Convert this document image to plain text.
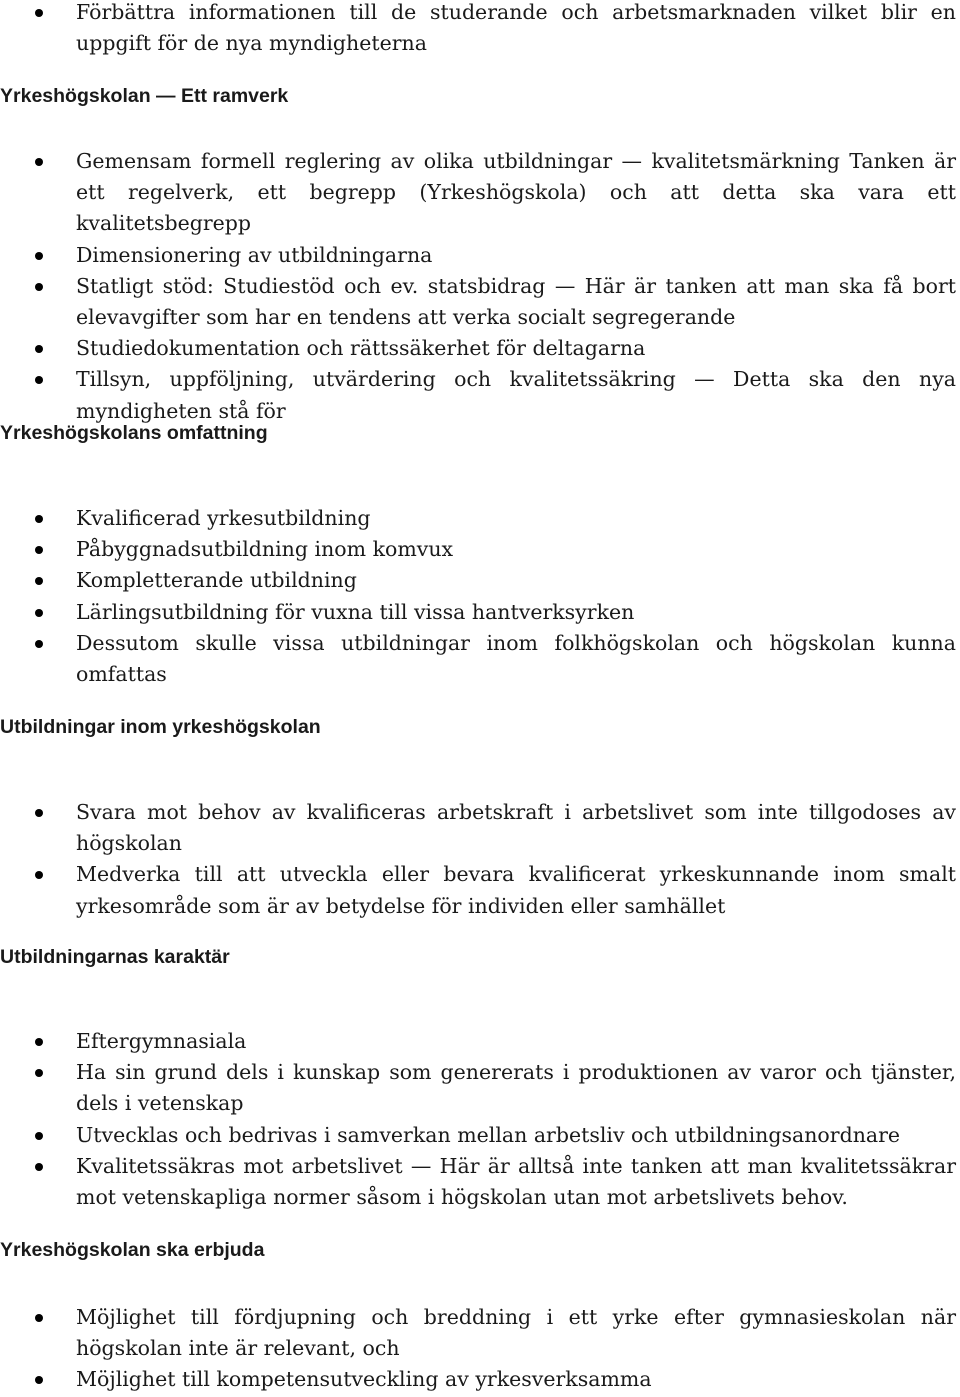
Förbättra informationen till de studerande och arbetsmarknaden vilket blir en uppgift för de nya myndigheterna
Yrkeshögskolan — Ett ramverk
Gemensam formell reglering av olika utbildningar — kvalitetsmärkning Tanken är ett regelverk, ett begrepp (Yrkeshögskola) och att detta ska vara ett kvalitetsbegrepp
Dimensionering av utbildningarna
Statligt stöd: Studiestöd och ev. statsbidrag — Här är tanken att man ska få bort elevavgifter som har en tendens att verka socialt segregerande
Studiedokumentation och rättssäkerhet för deltagarna
Tillsyn, uppföljning, utvärdering och kvalitetssäkring — Detta ska den nya myndigheten stå för
Yrkeshögskolans omfattning
Kvalificerad yrkesutbildning
Påbyggnadsutbildning inom komvux
Kompletterande utbildning
Lärlingsutbildning för vuxna till vissa hantverksyrken
Dessutom skulle vissa utbildningar inom folkhögskolan och högskolan kunna omfattas
Utbildningar inom yrkeshögskolan
Svara mot behov av kvalificeras arbetskraft i arbetslivet som inte tillgodoses av högskolan
Medverka till att utveckla eller bevara kvalificerat yrkeskunnande inom smalt yrkesområde som är av betydelse för individen eller samhället
Utbildningarnas karaktär
Eftergymnasiala
Ha sin grund dels i kunskap som genererats i produktionen av varor och tjänster, dels i vetenskap
Utvecklas och bedrivas i samverkan mellan arbetsliv och utbildningsanordnare
Kvalitetssäkras mot arbetslivet — Här är alltså inte tanken att man kvalitetssäkrar mot vetenskapliga normer såsom i högskolan utan mot arbetslivets behov.
Yrkeshögskolan ska erbjuda
Möjlighet till fördjupning och breddning i ett yrke efter gymnasieskolan när högskolan inte är relevant, och
Möjlighet till kompetensutveckling av yrkesverksamma
